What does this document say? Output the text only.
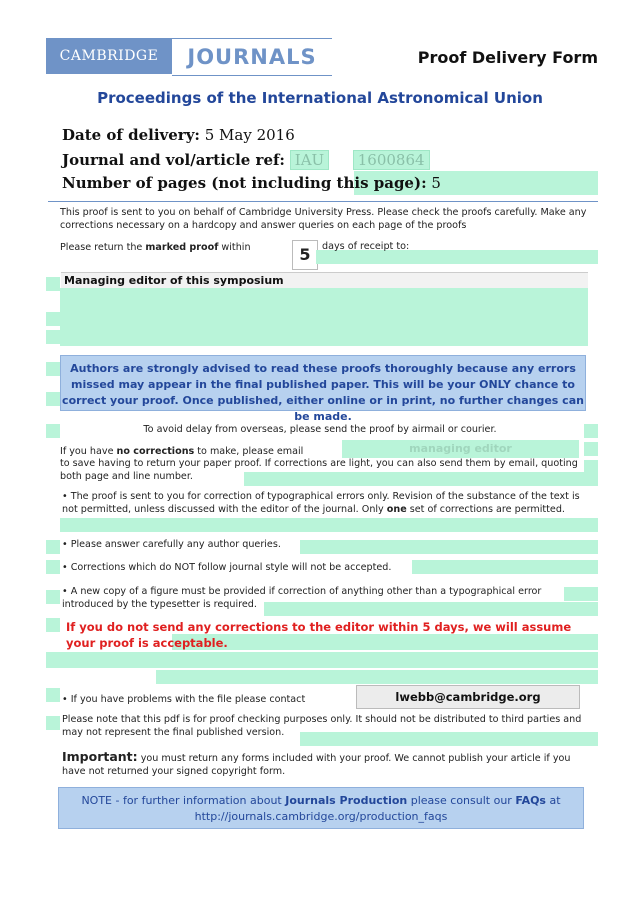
CAMBRIDGE	JOURNALS	Proof Delivery Form
Proceedings of the International Astronomical Union
Date of delivery: 5 May 2016
Journal and vol/article ref: IAU 1600864
Number of pages (not including this page): 5
This proof is sent to you on behalf of Cambridge University Press. Please check the proofs carefully. Make any corrections necessary on a hardcopy and answer queries on each page of the proofs
Please return the marked proof within	5	days of receipt to:
Managing editor of this symposium
Authors are strongly advised to read these proofs thoroughly because any errors missed may appear in the final published paper. This will be your ONLY chance to correct your proof. Once published, either online or in print, no further changes can be made.
To avoid delay from overseas, please send the proof by airmail or courier.
managing editor
If you have no corrections to make, please email
to save having to return your paper proof. If corrections are light, you can also send them by email, quoting both page and line number.
• The proof is sent to you for correction of typographical errors only. Revision of the substance of the text is not permitted, unless discussed with the editor of the journal. Only one set of corrections are permitted.
• Please answer carefully any author queries.
• Corrections which do NOT follow journal style will not be accepted.
• A new copy of a figure must be provided if correction of anything other than a typographical error introduced by the typesetter is required.
If you do not send any corrections to the editor within 5 days, we will assume your proof is acceptable.
• If you have problems with the file please contact	lwebb@cambridge.org
Please note that this pdf is for proof checking purposes only. It should not be distributed to third parties and may not represent the final published version.
Important: you must return any forms included with your proof. We cannot publish your article if you have not returned your signed copyright form.
NOTE - for further information about Journals Production please consult our FAQs at
http://journals.cambridge.org/production_faqs
